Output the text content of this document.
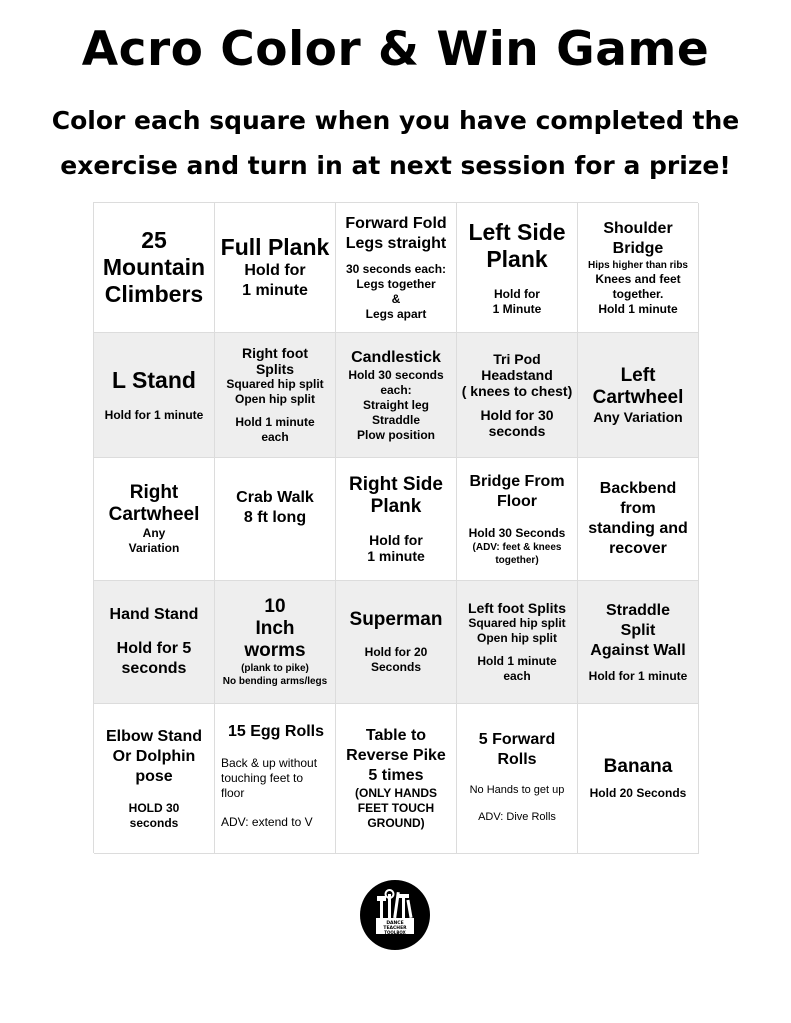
Acro Color & Win Game
Color each square when you have completed the exercise and turn in at next session for a prize!
25
Mountain
Climbers
Full Plank
Hold for
1 minute
Forward Fold
Legs straight
30 seconds each:
Legs together
&
Legs apart
Left Side
Plank
Hold for
1 Minute
Shoulder
Bridge
Hips higher than ribs
Knees and feet
together.
Hold 1 minute
L Stand
Hold for 1 minute
Right foot
Splits
Squared hip split
Open hip split
Hold 1 minute
each
Candlestick
Hold 30 seconds
each:
Straight leg
Straddle
Plow position
Tri Pod
Headstand
( knees to chest)
Hold for 30
seconds
Left
Cartwheel
Any Variation
Right
Cartwheel
Any
Variation
Crab Walk
8 ft long
Right Side
Plank
Hold for
1 minute
Bridge From
Floor
Hold 30 Seconds
(ADV: feet & knees
together)
Backbend
from
standing and
recover
Hand Stand
Hold for 5
seconds
10
Inch
worms
(plank to pike)
No bending arms/legs
Superman
Hold for 20
Seconds
Left foot Splits
Squared hip split
Open hip split
Hold 1 minute
each
Straddle
Split
Against Wall
Hold for 1 minute
Elbow Stand
Or Dolphin
pose
HOLD 30
seconds
15 Egg Rolls
Back & up without
touching feet to
floor
ADV: extend to V
Table to
Reverse Pike
5 times
(ONLY HANDS
FEET TOUCH
GROUND)
5 Forward
Rolls
No Hands to get up
ADV: Dive Rolls
Banana
Hold 20 Seconds
DANCE
TEACHER
TOOLBOX
